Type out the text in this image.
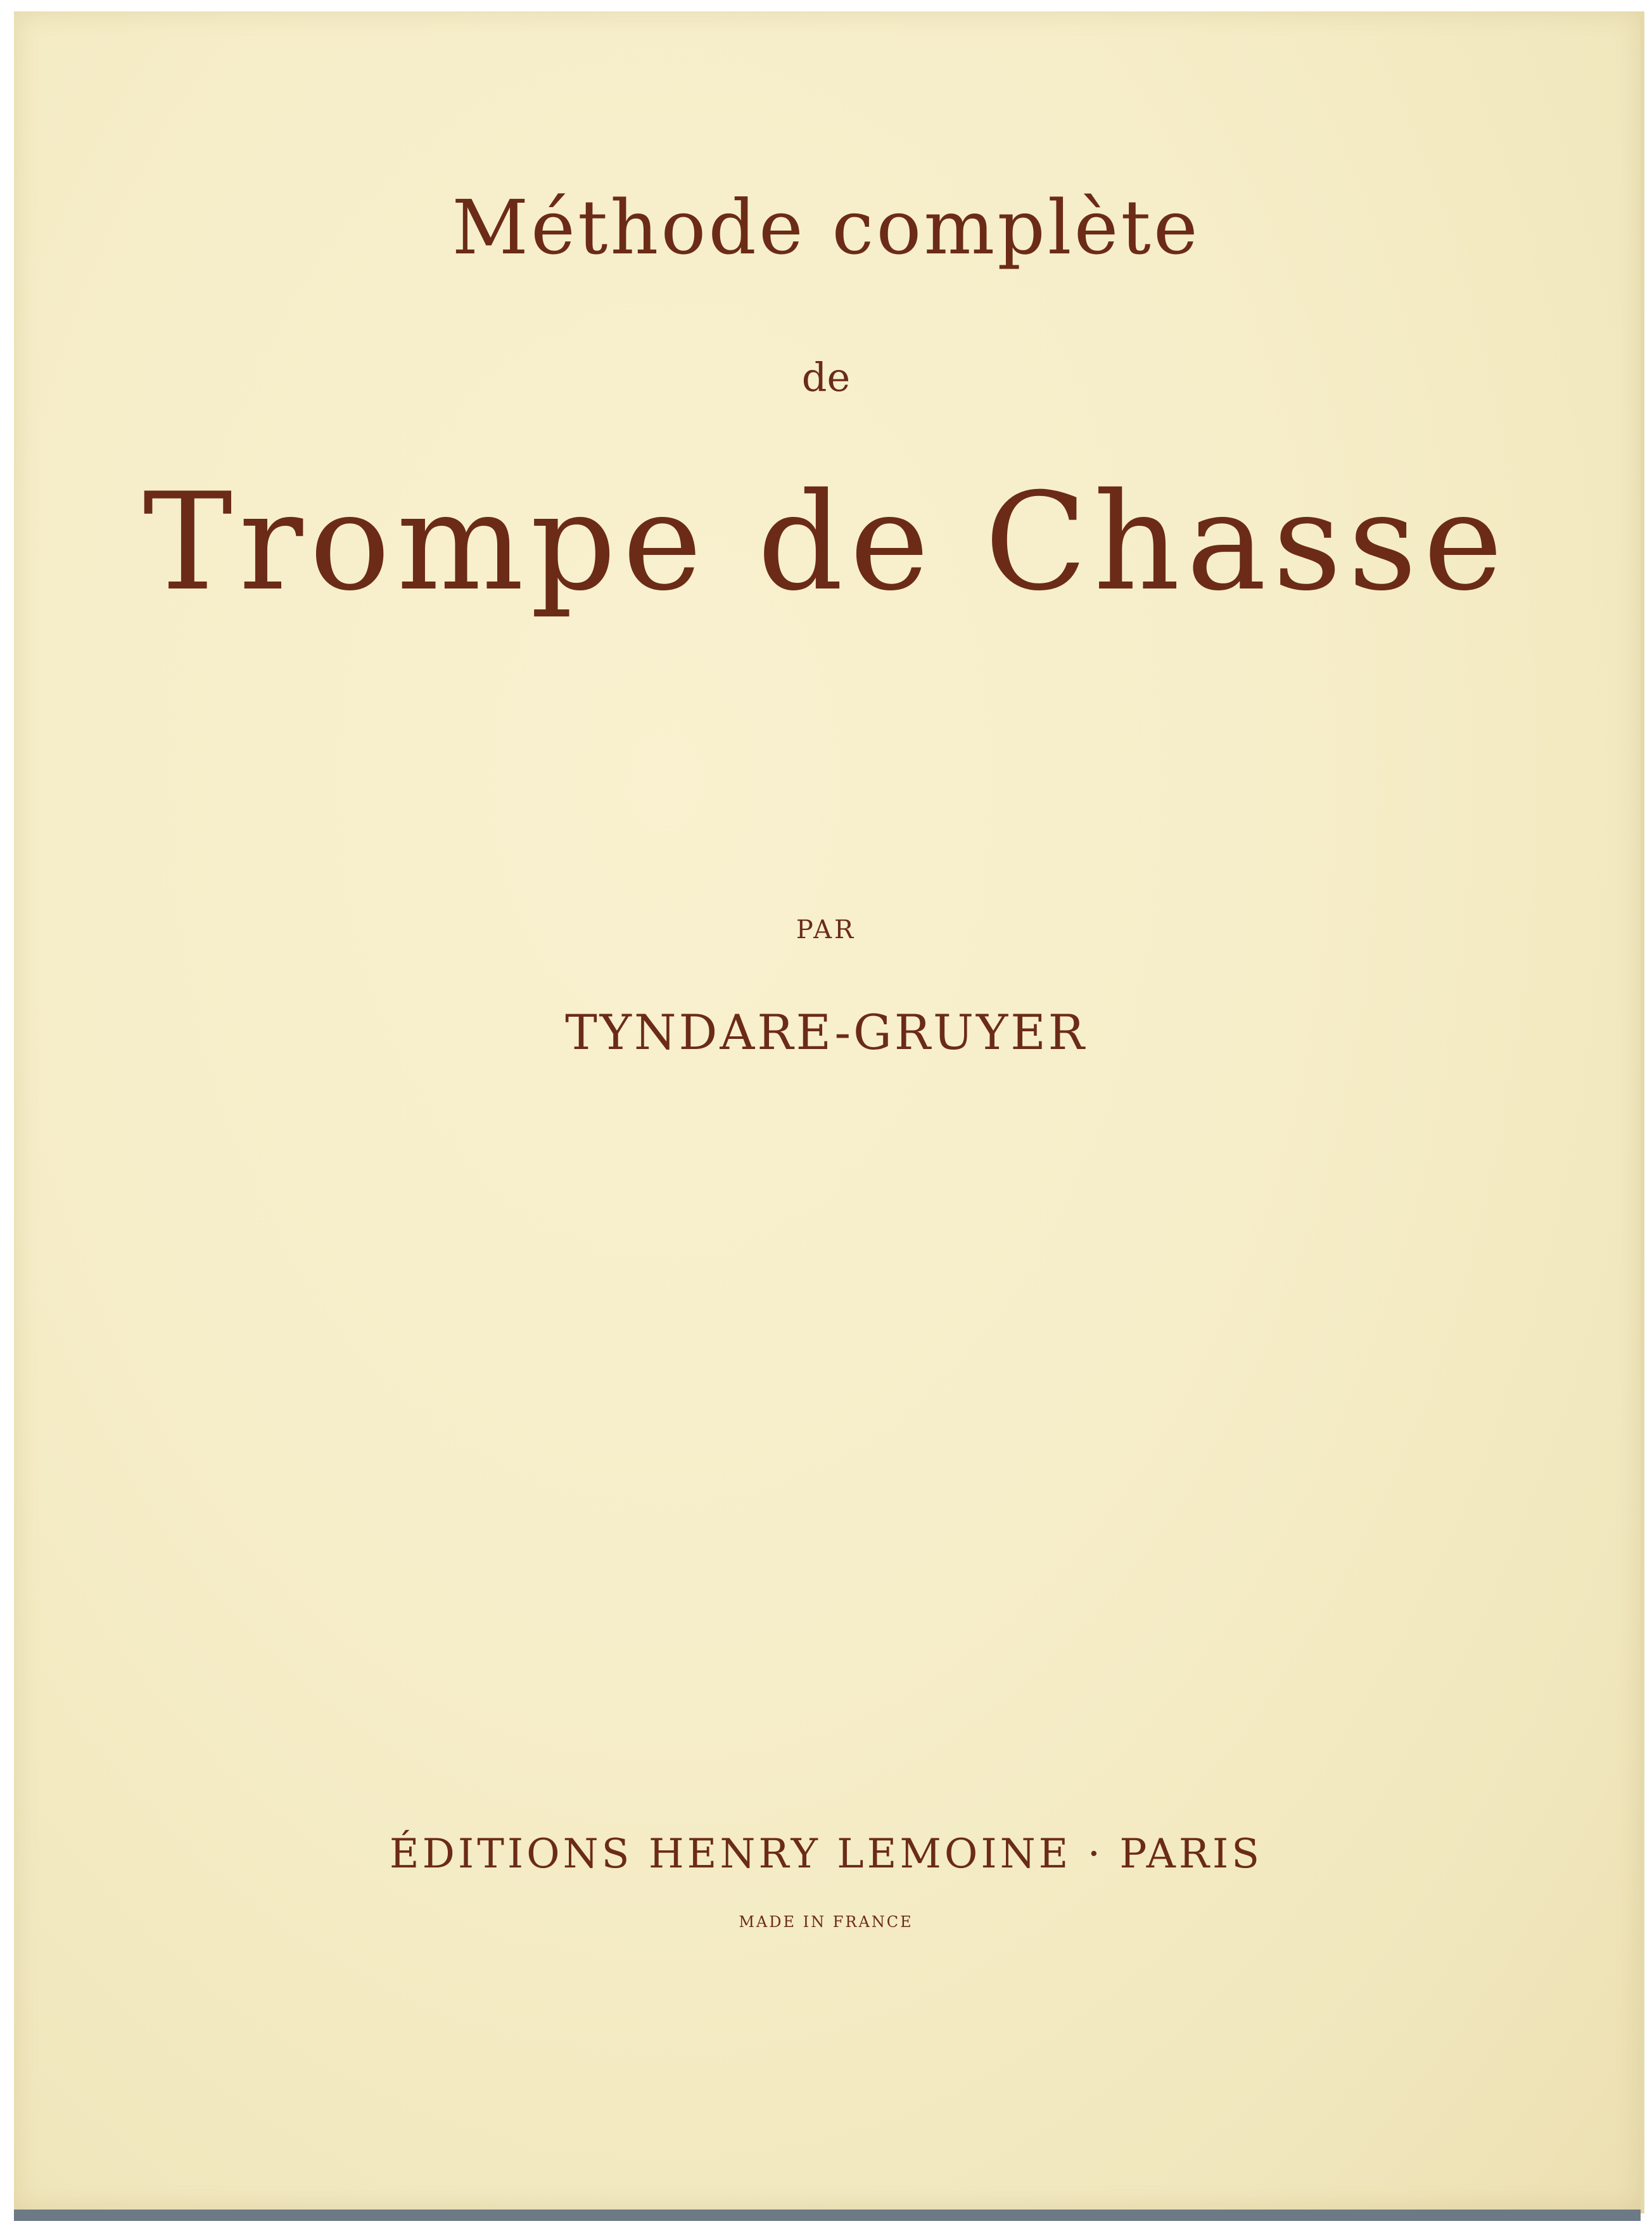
Méthode complète

de

Trompe de Chasse

PAR

TYNDARE-GRUYER

ÉDITIONS HENRY LEMOINE · PARIS

MADE IN FRANCE
